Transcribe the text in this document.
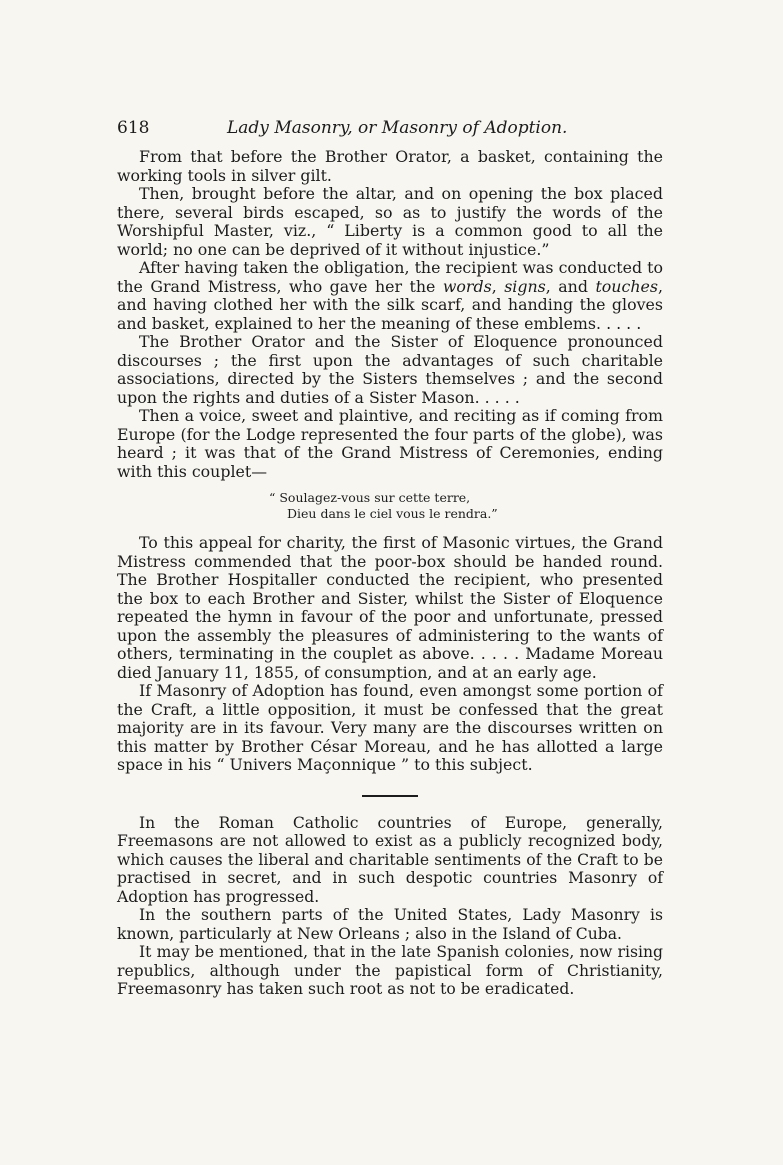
618	Lady Masonry, or Masonry of Adoption.

From that before the Brother Orator, a basket, containing the working tools in silver gilt.

Then, brought before the altar, and on opening the box placed there, several birds escaped, so as to justify the words of the Worshipful Master, viz., “ Liberty is a common good to all the world; no one can be deprived of it without injustice.”

After having taken the obligation, the recipient was conducted to the Grand Mistress, who gave her the words, signs, and touches, and having clothed her with the silk scarf, and handing the gloves and basket, explained to her the meaning of these emblems. . . . .

The Brother Orator and the Sister of Eloquence pronounced discourses ; the first upon the advantages of such charitable associations, directed by the Sisters themselves ; and the second upon the rights and duties of a Sister Mason. . . . .

Then a voice, sweet and plaintive, and reciting as if coming from Europe (for the Lodge represented the four parts of the globe), was heard ; it was that of the Grand Mistress of Ceremonies, ending with this couplet—

“ Soulagez-vous sur cette terre,
Dieu dans le ciel vous le rendra.”

To this appeal for charity, the first of Masonic virtues, the Grand Mistress commended that the poor-box should be handed round. The Brother Hospitaller conducted the recipient, who presented the box to each Brother and Sister, whilst the Sister of Eloquence repeated the hymn in favour of the poor and unfortunate, pressed upon the assembly the pleasures of administering to the wants of others, terminating in the couplet as above. . . . . Madame Moreau died January 11, 1855, of consumption, and at an early age.

If Masonry of Adoption has found, even amongst some portion of the Craft, a little opposition, it must be confessed that the great majority are in its favour. Very many are the discourses written on this matter by Brother César Moreau, and he has allotted a large space in his “ Univers Maçonnique ” to this subject.

In the Roman Catholic countries of Europe, generally, Freemasons are not allowed to exist as a publicly recognized body, which causes the liberal and charitable sentiments of the Craft to be practised in secret, and in such despotic countries Masonry of Adoption has progressed.

In the southern parts of the United States, Lady Masonry is known, particularly at New Orleans ; also in the Island of Cuba.

It may be mentioned, that in the late Spanish colonies, now rising republics, although under the papistical form of Christianity, Freemasonry has taken such root as not to be eradicated.
